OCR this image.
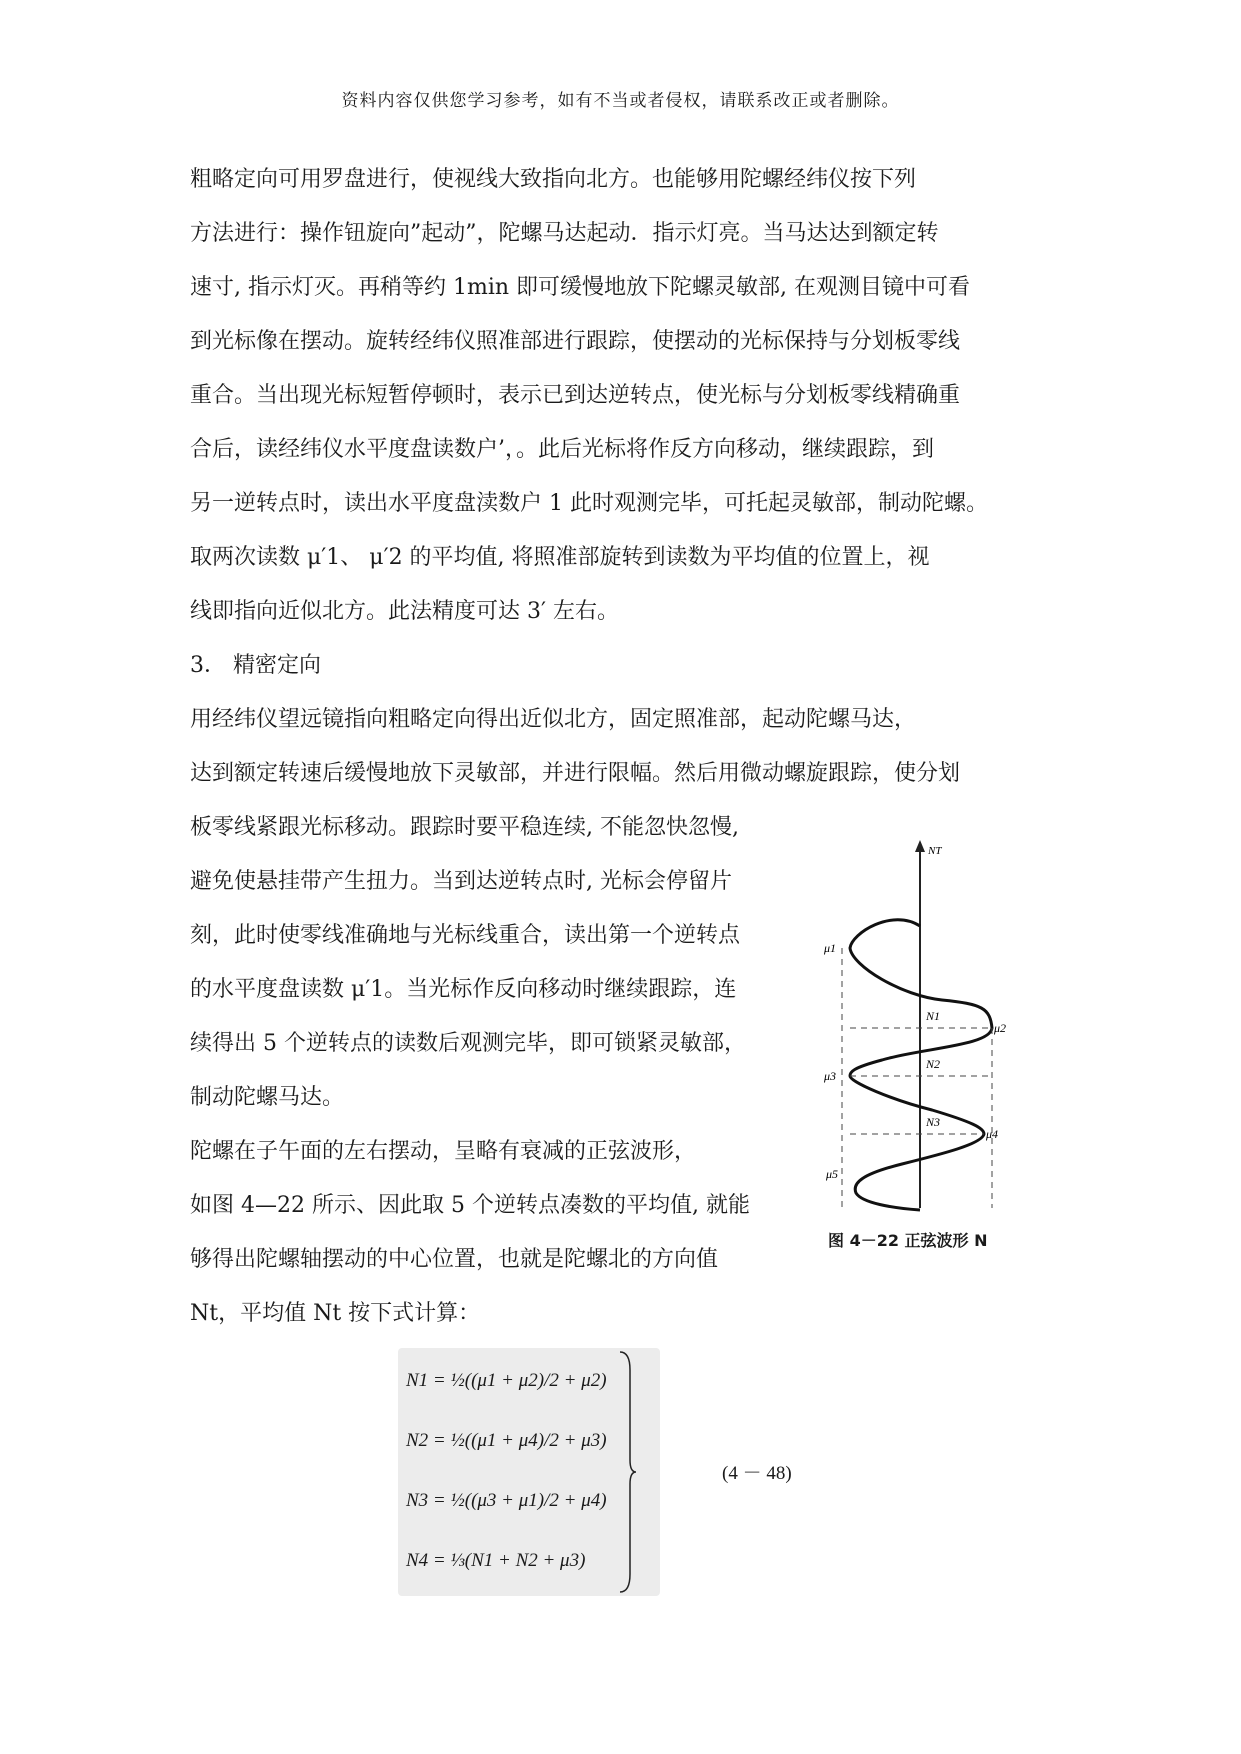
资料内容仅供您学习参考，如有不当或者侵权，请联系改正或者删除。
粗略定向可用罗盘进行，使视线大致指向北方。也能够用陀螺经纬仪按下列
方法进行：操作钮旋向”起动”，陀螺马达起动．指示灯亮。当马达达到额定转
速寸, 指示灯灭。再稍等约 1min 即可缓慢地放下陀螺灵敏部, 在观测目镜中可看
到光标像在摆动。旋转经纬仪照准部进行跟踪，使摆动的光标保持与分划板零线
重合。当出现光标短暂停顿时，表示已到达逆转点，使光标与分划板零线精确重
合后，读经纬仪水平度盘读数户’，。此后光标将作反方向移动，继续跟踪，到
另一逆转点时，读出水平度盘渎数户 1 此时观测完毕，可托起灵敏部，制动陀螺。
取两次读数 μ′1、 μ′2 的平均值, 将照准部旋转到读数为平均值的位置上，视
线即指向近似北方。此法精度可达 3′ 左右。
3． 精密定向
用经纬仪望远镜指向粗略定向得出近似北方，固定照准部，起动陀螺马达，
达到额定转速后缓慢地放下灵敏部，并进行限幅。然后用微动螺旋跟踪，使分划
板零线紧跟光标移动。跟踪时要平稳连续, 不能忽快忽慢,
避免使悬挂带产生扭力。当到达逆转点时, 光标会停留片
刻，此时使零线准确地与光标线重合，读出第一个逆转点
的水平度盘读数 μ′1。当光标作反向移动时继续跟踪，连
续得出 5 个逆转点的读数后观测完毕，即可锁紧灵敏部，
制动陀螺马达。
陀螺在子午面的左右摆动，呈略有衰减的正弦波形，
如图 4—22 所示、因此取 5 个逆转点凑数的平均值, 就能
够得出陀螺轴摆动的中心位置，也就是陀螺北的方向值
Nt，平均值 Nt 按下式计算：
NT
μ1
μ2
μ3
μ4
μ5
N1
N2
N3
图 4－22 正弦波形 N
N1 = ½((μ1 + μ2)/2 + μ2)
N2 = ½((μ1 + μ4)/2 + μ3)
N3 = ½((μ3 + μ1)/2 + μ4)
N4 = ⅓(N1 + N2 + μ3)
(4 － 48)
